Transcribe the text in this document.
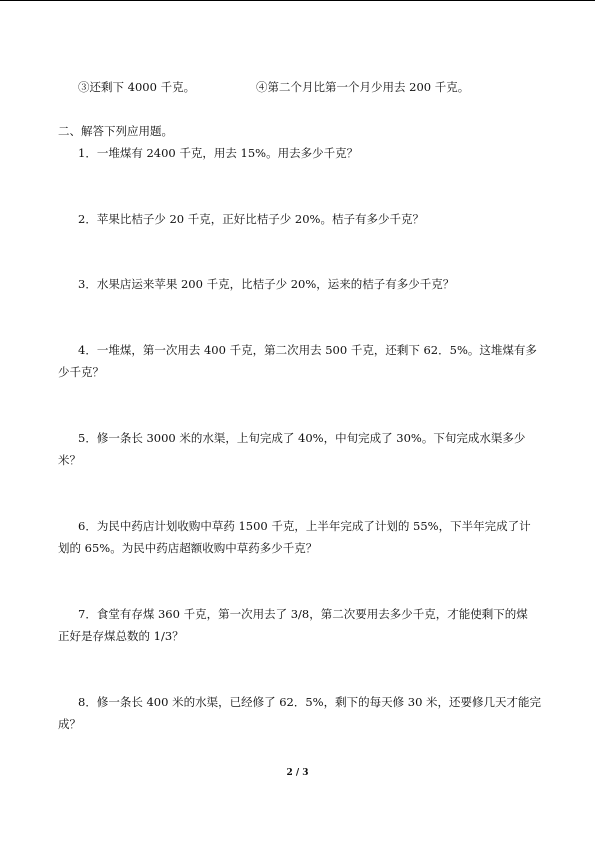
③还剩下 4000 千克。	④第二个月比第一个月少用去 200 千克。
二、解答下列应用题。
1．一堆煤有 2400 千克，用去 15%。用去多少千克？
2．苹果比桔子少 20 千克，正好比桔子少 20%。桔子有多少千克？
3．水果店运来苹果 200 千克，比桔子少 20%，运来的桔子有多少千克？
4．一堆煤，第一次用去 400 千克，第二次用去 500 千克，还剩下 62．5%。这堆煤有多
少千克？
5．修一条长 3000 米的水渠，上旬完成了 40%，中旬完成了 30%。下旬完成水渠多少
米？
6．为民中药店计划收购中草药 1500 千克，上半年完成了计划的 55%，下半年完成了计
划的 65%。为民中药店超额收购中草药多少千克？
7．食堂有存煤 360 千克，第一次用去了 3/8，第二次要用去多少千克，才能使剩下的煤
正好是存煤总数的 1/3？
8．修一条长 400 米的水渠，已经修了 62．5%，剩下的每天修 30 米，还要修几天才能完
成？
2 / 3
